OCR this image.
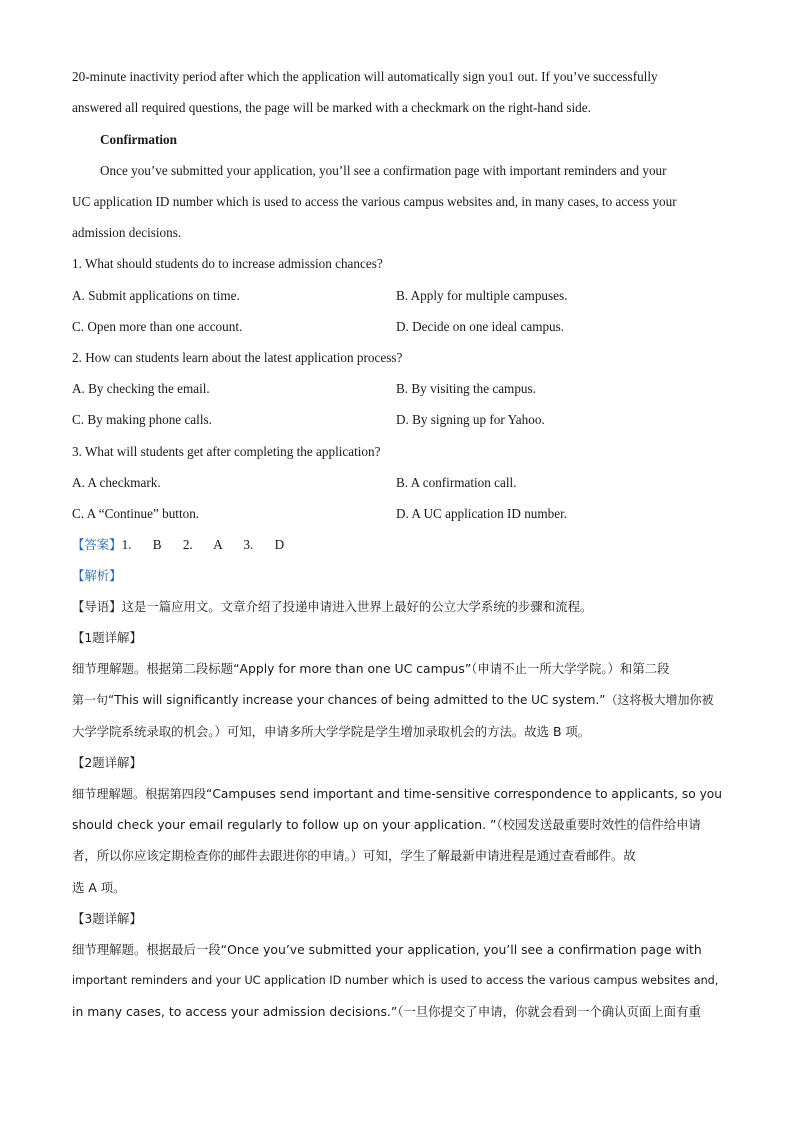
20-minute inactivity period after which the application will automatically sign you1 out. If you’ve successfully
answered all required questions, the page will be marked with a checkmark on the right-hand side.
Confirmation
Once you’ve submitted your application, you’ll see a confirmation page with important reminders and your
UC application ID number which is used to access the various campus websites and, in many cases, to access your
admission decisions.
1. What should students do to increase admission chances?
A. Submit applications on time.	B. Apply for multiple campuses.
C. Open more than one account.	D. Decide on one ideal campus.
2. How can students learn about the latest application process?
A. By checking the email.	B. By visiting the campus.
C. By making phone calls.	D. By signing up for Yahoo.
3. What will students get after completing the application?
A. A checkmark.	B. A confirmation call.
C. A “Continue” button.	D. A UC application ID number.
【答案】1. B 2. A 3. D
【解析】
【导语】这是一篇应用文。文章介绍了投递申请进入世界上最好的公立大学系统的步骤和流程。
【1题详解】
细节理解题。根据第二段标题“Apply for more than one UC campus”（申请不止一所大学学院。）和第二段
第一句“This will significantly increase your chances of being admitted to the UC system.”（这将极大增加你被
大学学院系统录取的机会。）可知，申请多所大学学院是学生增加录取机会的方法。故选 B 项。
【2题详解】
细节理解题。根据第四段“Campuses send important and time-sensitive correspondence to applicants, so you
should check your email regularly to follow up on your application. ”（校园发送最重要时效性的信件给申请
者，所以你应该定期检查你的邮件去跟进你的申请。）可知，学生了解最新申请进程是通过查看邮件。故
选 A 项。
【3题详解】
细节理解题。根据最后一段“Once you’ve submitted your application, you’ll see a confirmation page with
important reminders and your UC application ID number which is used to access the various campus websites and,
in many cases, to access your admission decisions.”（一旦你提交了申请，你就会看到一个确认页面上面有重
